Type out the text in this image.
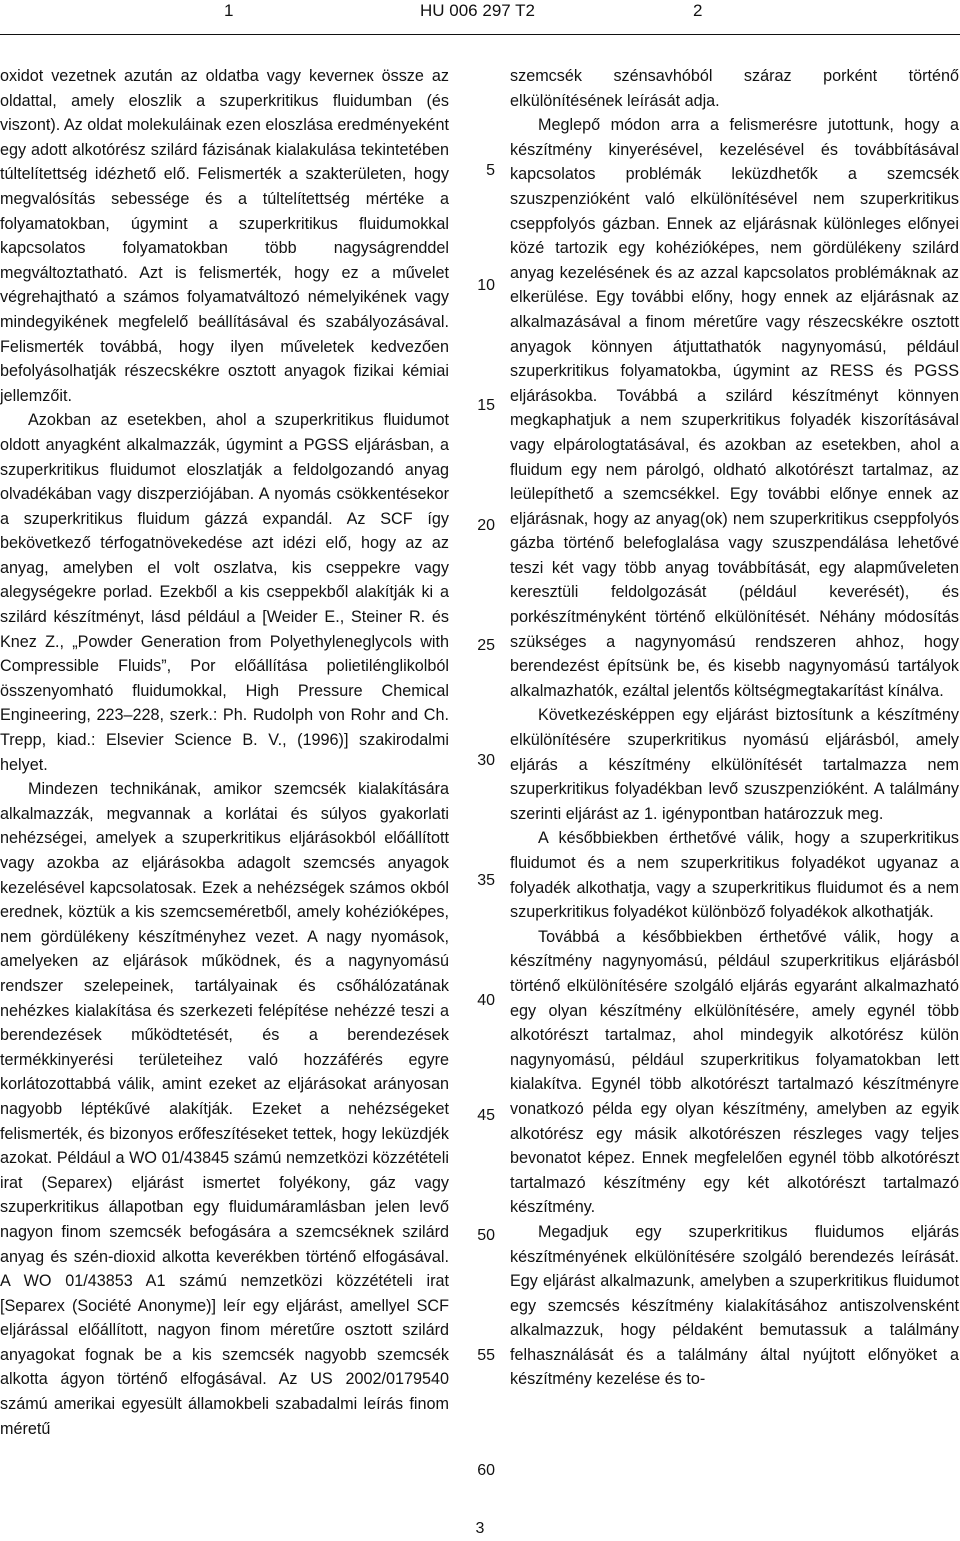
1	HU 006 297 T2	2

oxidot vezetnek azután az oldatba vagy keverneк össze az oldattal, amely eloszlik a szuperkritikus fluidumban (és viszont). Az oldat molekuláinak ezen eloszlása eredményeként egy adott alkotórész szilárd fázisának kialakulása tekintetében túltelítettség idézhető elő. Felismerték a szakterületen, hogy megvalósítás sebessége és a túltelítettség mértéke a folyamatokban, úgymint a szuperkritikus fluidumokkal kapcsolatos folyamatokban több nagyságrenddel megváltoztatható. Azt is felismerték, hogy ez a művelet végrehajtható a számos folyamatváltozó némelyikének vagy mindegyikének megfelelő beállításával és szabályozásával. Felismerték továbbá, hogy ilyen műveletek kedvezően befolyásolhatják részecskékre osztott anyagok fizikai kémiai jellemzőit.

Azokban az esetekben, ahol a szuperkritikus fluidumot oldott anyagként alkalmazzák, úgymint a PGSS eljárásban, a szuperkritikus fluidumot eloszlatják a feldolgozandó anyag olvadékában vagy diszperziójában. A nyomás csökkentésekor a szuperkritikus fluidum gázzá expandál. Az SCF így bekövetkező térfogatnövekedése azt idézi elő, hogy az az anyag, amelyben el volt oszlatva, kis cseppekre vagy alegységekre porlad. Ezekből a kis cseppekből alakítják ki a szilárd készítményt, lásd például a [Weider E., Steiner R. és Knez Z., „Powder Generation from Polyethyleneglycols with Compressible Fluids”, Por előállítása polietilénglikolból összenyomható fluidumokkal, High Pressure Chemical Engineering, 223–228, szerk.: Ph. Rudolph von Rohr and Ch. Trepp, kiad.: Elsevier Science B. V., (1996)] szakirodalmi helyet.

Mindezen technikának, amikor szemcsék kialakítására alkalmazzák, megvannak a korlátai és súlyos gyakorlati nehézségei, amelyek a szuperkritikus eljárásokból előállított vagy azokba az eljárásokba adagolt szemcsés anyagok kezelésével kapcsolatosak. Ezek a nehézségek számos okból erednek, köztük a kis szemcseméretből, amely kohézióképes, nem gördülékeny készítményhez vezet. A nagy nyomások, amelyeken az eljárások működnek, és a nagynyomású rendszer szelepeinek, tartályainak és csőhálózatának nehézkes kialakítása és szerkezeti felépítése nehézzé teszi a berendezések működtetését, és a berendezések termékkinyerési területeihez való hozzáférés egyre korlátozottabbá válik, amint ezeket az eljárásokat arányosan nagyobb léptékűvé alakítják. Ezeket a nehézségeket felismerték, és bizonyos erőfeszítéseket tettek, hogy leküzdjék azokat. Például a WO 01/43845 számú nemzetközi közzétételi irat (Separex) eljárást ismertet folyékony, gáz vagy szuperkritikus állapotban egy fluidumáramlásban jelen levő nagyon finom szemcsék befogására a szemcséknek szilárd anyag és szén-dioxid alkotta keverékben történő elfogásával. A WO 01/43853 A1 számú nemzetközi közzétételi irat [Separex (Société Anonyme)] leír egy eljárást, amellyel SCF eljárással előállított, nagyon finom méretűre osztott szilárd anyagokat fognak be a kis szemcsék nagyobb szemcsék alkotta ágyon történő elfogásával. Az US 2002/0179540 számú amerikai egyesült államokbeli szabadalmi leírás finom méretű

szemcsék szénsavhóból száraz porként történő elkülönítésének leírását adja.

Meglepő módon arra a felismerésre jutottunk, hogy a készítmény kinyerésével, kezelésével és továbbításával kapcsolatos problémák leküzdhetők a szemcsék szuszpenzióként való elkülönítésével nem szuperkritikus cseppfolyós gázban. Ennek az eljárásnak különleges előnyei közé tartozik egy kohézióképes, nem gördülékeny szilárd anyag kezelésének és az azzal kapcsolatos problémáknak az elkerülése. Egy további előny, hogy ennek az eljárásnak az alkalmazásával a finom méretűre vagy részecskékre osztott anyagok könnyen átjuttathatók nagynyomású, például szuperkritikus folyamatokba, úgymint az RESS és PGSS eljárásokba. Továbbá a szilárd készítményt könnyen megkaphatjuk a nem szuperkritikus folyadék kiszorításával vagy elpárologtatásával, és azokban az esetekben, ahol a fluidum egy nem párolgó, oldható alkotórészt tartalmaz, az leülepíthető a szemcsékkel. Egy további előnye ennek az eljárásnak, hogy az anyag(ok) nem szuperkritikus cseppfolyós gázba történő belefoglalása vagy szuszpendálása lehetővé teszi két vagy több anyag továbbítását, egy alapműveleten keresztüli feldolgozását (például keverését), és porkészítményként történő elkülönítését. Néhány módosítás szükséges a nagynyomású rendszeren ahhoz, hogy berendezést építsünk be, és kisebb nagynyomású tartályok alkalmazhatók, ezáltal jelentős költségmegtakarítást kínálva.

Következésképpen egy eljárást biztosítunk a készítmény elkülönítésére szuperkritikus nyomású eljárásból, amely eljárás a készítmény elkülönítését tartalmazza nem szuperkritikus folyadékban levő szuszpenzióként. A találmány szerinti eljárást az 1. igénypontban határozzuk meg.

A későbbiekben érthetővé válik, hogy a szuperkritikus fluidumot és a nem szuperkritikus folyadékot ugyanaz a folyadék alkothatja, vagy a szuperkritikus fluidumot és a nem szuperkritikus folyadékot különböző folyadékok alkothatják.

Továbbá a későbbiekben érthetővé válik, hogy a készítmény nagynyomású, például szuperkritikus eljárásból történő elkülönítésére szolgáló eljárás egyaránt alkalmazható egy olyan készítmény elkülönítésére, amely egynél több alkotórészt tartalmaz, ahol mindegyik alkotórész külön nagynyomású, például szuperkritikus folyamatokban lett kialakítva. Egynél több alkotórészt tartalmazó készítményre vonatkozó példa egy olyan készítmény, amelyben az egyik alkotórész egy másik alkotórészen részleges vagy teljes bevonatot képez. Ennek megfelelően egynél több alkotórészt tartalmazó készítmény egy két alkotórészt tartalmazó készítmény.

Megadjuk egy szuperkritikus fluidumos eljárás készítményének elkülönítésére szolgáló berendezés leírását. Egy eljárást alkalmazunk, amelyben a szuperkritikus fluidumot egy szemcsés készítmény kialakításához antiszolvensként alkalmazzuk, hogy példaként bemutassuk a találmány felhasználását és a találmány által nyújtott előnyöket a készítmény kezelése és to-

5
10
15
20
25
30
35
40
45
50
55
60
3
